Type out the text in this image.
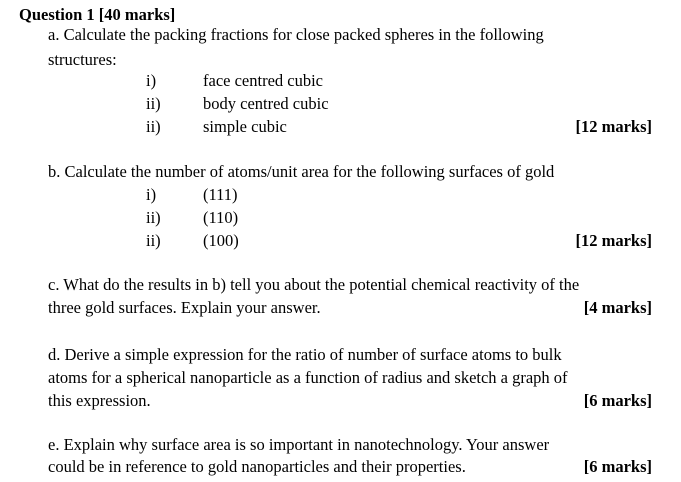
Question 1 [40 marks]
a. Calculate the packing fractions for close packed spheres in the following
structures:
i)	face centred cubic
ii)	body centred cubic
ii)	simple cubic	[12 marks]
b. Calculate the number of atoms/unit area for the following surfaces of gold
i)	(111)
ii)	(110)
ii)	(100)	[12 marks]
c. What do the results in b) tell you about the potential chemical reactivity of the
three gold surfaces. Explain your answer.	[4 marks]
d. Derive a simple expression for the ratio of number of surface atoms to bulk
atoms for a spherical nanoparticle as a function of radius and sketch a graph of
this expression.	[6 marks]
e. Explain why surface area is so important in nanotechnology. Your answer
could be in reference to gold nanoparticles and their properties.	[6 marks]
